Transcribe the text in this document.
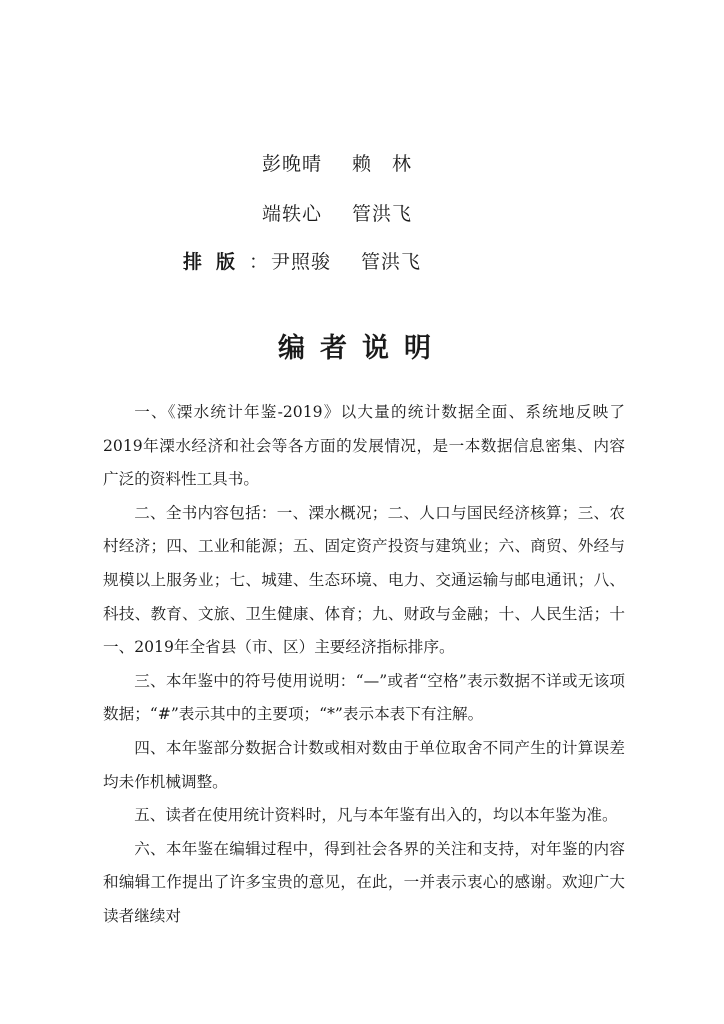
彭晚晴 赖　林
端轶心 管洪飞
排版： 尹照骏 管洪飞
编者说明

一、《溧水统计年鉴-2019》以大量的统计数据全面、系统地反映了2019年溧水经济和社会等各方面的发展情况，是一本数据信息密集、内容广泛的资料性工具书。

二、全书内容包括：一、溧水概况；二、人口与国民经济核算；三、农村经济；四、工业和能源；五、固定资产投资与建筑业；六、商贸、外经与规模以上服务业；七、城建、生态环境、电力、交通运输与邮电通讯；八、科技、教育、文旅、卫生健康、体育；九、财政与金融；十、人民生活；十一、2019年全省县（市、区）主要经济指标排序。

三、本年鉴中的符号使用说明：“—”或者“空格”表示数据不详或无该项数据；“#”表示其中的主要项；“*”表示本表下有注解。

四、本年鉴部分数据合计数或相对数由于单位取舍不同产生的计算误差均未作机械调整。

五、读者在使用统计资料时，凡与本年鉴有出入的，均以本年鉴为准。

六、本年鉴在编辑过程中，得到社会各界的关注和支持，对年鉴的内容和编辑工作提出了许多宝贵的意见，在此，一并表示衷心的感谢。欢迎广大读者继续对
